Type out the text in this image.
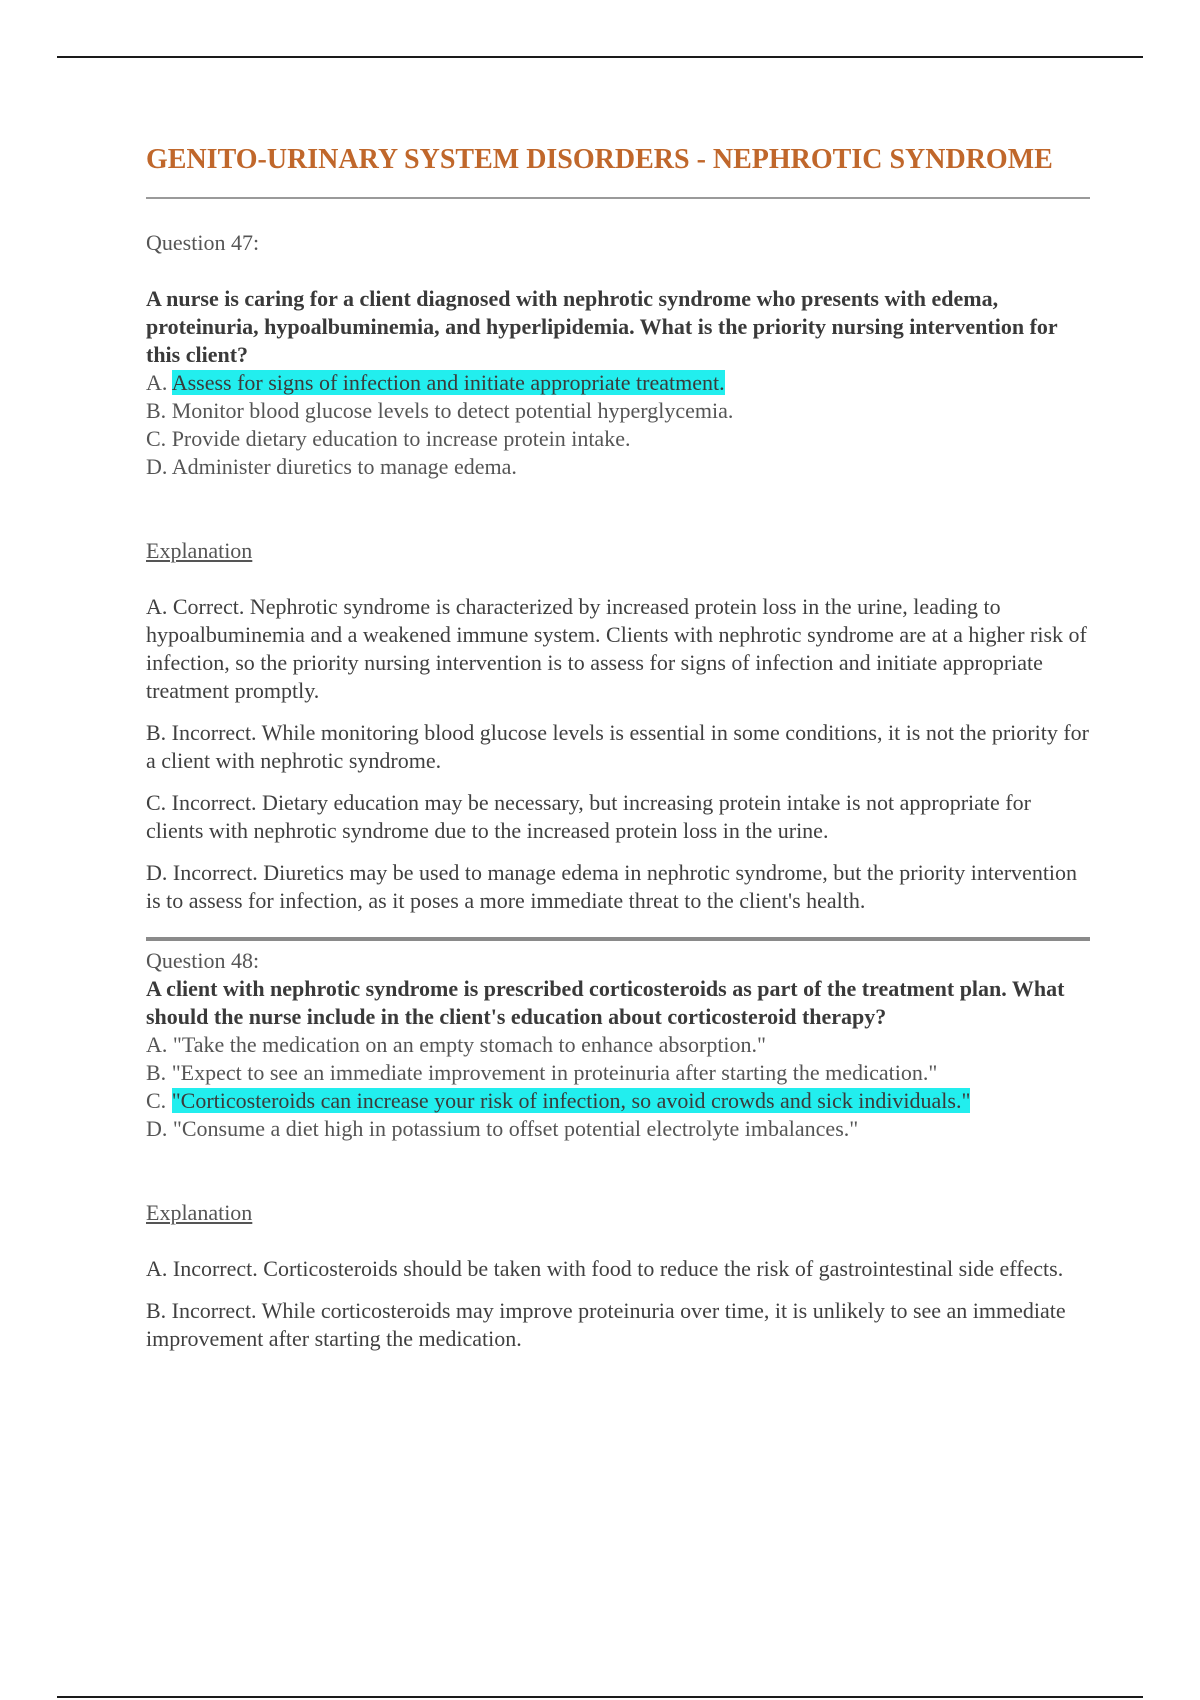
GENITO-URINARY SYSTEM DISORDERS - NEPHROTIC SYNDROME
Question 47:
A nurse is caring for a client diagnosed with nephrotic syndrome who presents with edema, proteinuria, hypoalbuminemia, and hyperlipidemia. What is the priority nursing intervention for this client?
A. Assess for signs of infection and initiate appropriate treatment.
B. Monitor blood glucose levels to detect potential hyperglycemia.
C. Provide dietary education to increase protein intake.
D. Administer diuretics to manage edema.
Explanation

A. Correct. Nephrotic syndrome is characterized by increased protein loss in the urine, leading to hypoalbuminemia and a weakened immune system. Clients with nephrotic syndrome are at a higher risk of infection, so the priority nursing intervention is to assess for signs of infection and initiate appropriate treatment promptly.

B. Incorrect. While monitoring blood glucose levels is essential in some conditions, it is not the priority for a client with nephrotic syndrome.

C. Incorrect. Dietary education may be necessary, but increasing protein intake is not appropriate for clients with nephrotic syndrome due to the increased protein loss in the urine.

D. Incorrect. Diuretics may be used to manage edema in nephrotic syndrome, but the priority intervention is to assess for infection, as it poses a more immediate threat to the client's health.

Question 48:
A client with nephrotic syndrome is prescribed corticosteroids as part of the treatment plan. What should the nurse include in the client's education about corticosteroid therapy?
A. "Take the medication on an empty stomach to enhance absorption."
B. "Expect to see an immediate improvement in proteinuria after starting the medication."
C. "Corticosteroids can increase your risk of infection, so avoid crowds and sick individuals."
D. "Consume a diet high in potassium to offset potential electrolyte imbalances."
Explanation

A. Incorrect. Corticosteroids should be taken with food to reduce the risk of gastrointestinal side effects.

B. Incorrect. While corticosteroids may improve proteinuria over time, it is unlikely to see an immediate improvement after starting the medication.
